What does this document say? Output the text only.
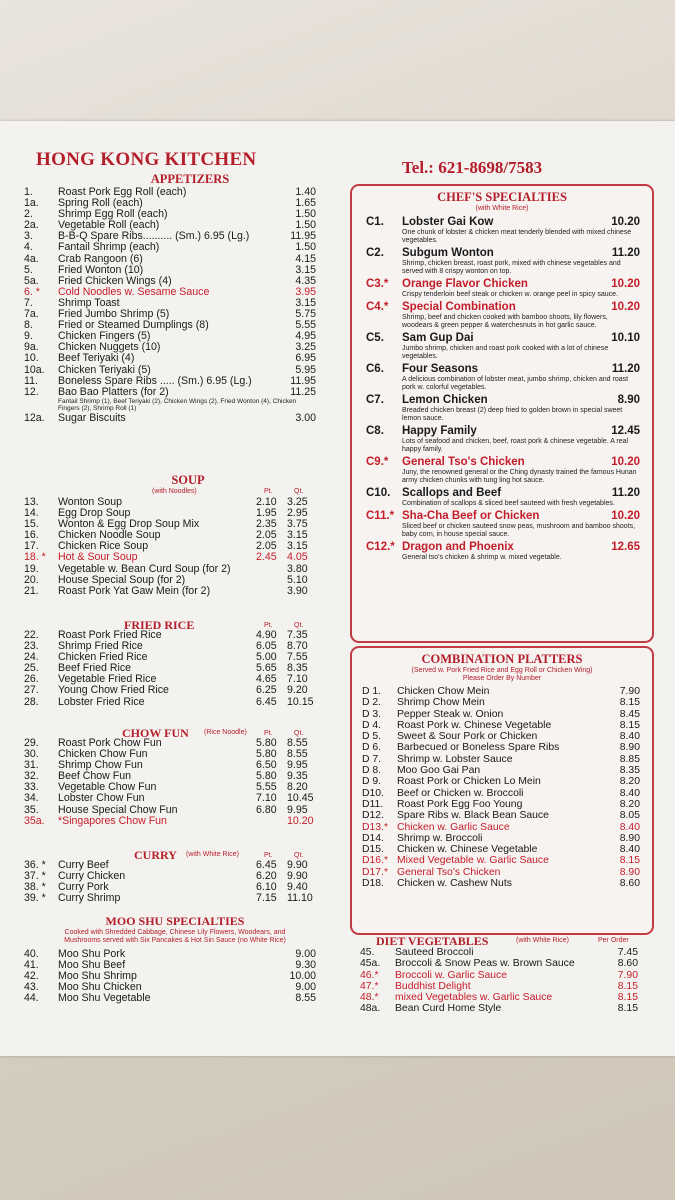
HONG KONG KITCHEN	Tel.: 621-8698/7583
APPETIZERS
1. Roast Pork Egg Roll (each)	1.40
1a. Spring Roll (each)	1.65
2. Shrimp Egg Roll (each)	1.50
2a. Vegetable Roll (each)	1.50
3. B-B-Q Spare Ribs.......... (Sm.) 6.95 (Lg.)	11.95
4. Fantail Shrimp (each)	1.50
4a. Crab Rangoon (6)	4.15
5. Fried Wonton (10)	3.15
5a. Fried Chicken Wings (4)	4.35
6. * Cold Noodles w. Sesame Sauce	3.95
7. Shrimp Toast	3.15
7a. Fried Jumbo Shrimp (5)	5.75
8. Fried or Steamed Dumplings (8)	5.55
9. Chicken Fingers (5)	4.95
9a. Chicken Nuggets (10)	3.25
10. Beef Teriyaki (4)	6.95
10a. Chicken Teriyaki (5)	5.95
11. Boneless Spare Ribs ..... (Sm.) 6.95 (Lg.)	11.95
12. Bao Bao Platters (for 2)	11.25
Fantail Shrimp (1), Beef Teriyaki (2), Chicken Wings (2), Fried Wonton (4), Chicken Fingers (2), Shrimp Roll (1)
12a. Sugar Biscuits	3.00
SOUP
(with Noodles)	Pt.	Qt.
13. Wonton Soup	2.10 3.25
14. Egg Drop Soup	1.95 2.95
15. Wonton & Egg Drop Soup Mix	2.35 3.75
16. Chicken Noodle Soup	2.05 3.15
17. Chicken Rice Soup	2.05 3.15
18. * Hot & Sour Soup	2.45 4.05
19. Vegetable w. Bean Curd Soup (for 2)	3.80
20. House Special Soup (for 2)	5.10
21. Roast Pork Yat Gaw Mein (for 2)	3.90
FRIED RICE	Pt.	Qt.
22. Roast Pork Fried Rice	4.90 7.35
23. Shrimp Fried Rice	6.05 8.70
24. Chicken Fried Rice	5.00 7.55
25. Beef Fried Rice	5.65 8.35
26. Vegetable Fried Rice	4.65 7.10
27. Young Chow Fried Rice	6.25 9.20
28. Lobster Fried Rice	6.45 10.15
CHOW FUN (Rice Noodle) Pt.	Qt.
29. Roast Pork Chow Fun	5.80 8.55
30. Chicken Chow Fun	5.80 8.55
31. Shrimp Chow Fun	6.50 9.95
32. Beef Chow Fun	5.80 9.35
33. Vegetable Chow Fun	5.55 8.20
34. Lobster Chow Fun	7.10 10.45
35. House Special Chow Fun	6.80 9.95
35a. *Singapores Chow Fun	10.20
CURRY (with White Rice)	Pt.	Qt.
36. * Curry Beef	6.45 9.90
37. * Curry Chicken	6.20 9.90
38. * Curry Pork	6.10 9.40
39. * Curry Shrimp	7.15 11.10
MOO SHU SPECIALTIES
Cooked with Shredded Cabbage, Chinese Lily Flowers, Woodears, and Mushrooms served with Six Pancakes & Hot Sin Sauce (no White Rice)
40. Moo Shu Pork	9.00
41. Moo Shu Beef	9.30
42. Moo Shu Shrimp	10.00
43. Moo Shu Chicken	9.00
44. Moo Shu Vegetable	8.55
CHEF'S SPECIALTIES
(with White Rice)
C1. Lobster Gai Kow	10.20
One chunk of lobster & chicken meat tenderly blended with mixed chinese vegetables.
C2. Subgum Wonton	11.20
Shrimp, chicken breast, roast pork, mixed with chinese vegetables and served with 8 crispy wonton on top.
C3.* Orange Flavor Chicken	10.20
Crispy tenderloin beef steak or chicken w. orange peel in spicy sauce.
C4.* Special Combination	10.20
Shrimp, beef and chicken cooked with bamboo shoots, lily flowers, woodears & green pepper & waterchesnuts in hot garlic sauce.
C5. Sam Gup Dai	10.10
Jumbo shrimp, chicken and roast pork cooked with a lot of chinese vegetables.
C6. Four Seasons	11.20
A delicious combination of lobster meat, jumbo shrimp, chicken and roast pork w. colorful vegetables.
C7. Lemon Chicken	8.90
Breaded chicken breast (2) deep fried to golden brown in special sweet lemon sauce.
C8. Happy Family	12.45
Lots of seafood and chicken, beef, roast pork & chinese vegetable. A real happy family.
C9.* General Tso's Chicken	10.20
Juny, the renowned general or the Ching dynasty trained the famous Hunan army chicken chunks with tung ling hot sauce.
C10. Scallops and Beef	11.20
Combination of scallops & sliced beef sauteed with fresh vegetables.
C11.* Sha-Cha Beef or Chicken	10.20
Sliced beef or chicken sauteed snow peas, mushroom and bamboo shoots, baby corn, in house special sauce.
C12.* Dragon and Phoenix	12.65
General tso's chicken & shrimp w. mixed vegetable.
COMBINATION PLATTERS
(Served w. Pork Fried Rice and Egg Roll or Chicken Wing)
Please Order By Number
D 1. Chicken Chow Mein	7.90
D 2. Shrimp Chow Mein	8.15
D 3. Pepper Steak w. Onion	8.45
D 4. Roast Pork w. Chinese Vegetable	8.15
D 5. Sweet & Sour Pork or Chicken	8.40
D 6. Barbecued or Boneless Spare Ribs	8.90
D 7. Shrimp w. Lobster Sauce	8.85
D 8. Moo Goo Gai Pan	8.35
D 9. Roast Pork or Chicken Lo Mein	8.20
D10. Beef or Chicken w. Broccoli	8.40
D11. Roast Pork Egg Foo Young	8.20
D12. Spare Ribs w. Black Bean Sauce	8.05
D13.* Chicken w. Garlic Sauce	8.40
D14. Shrimp w. Broccoli	8.90
D15. Chicken w. Chinese Vegetable	8.40
D16.* Mixed Vegetable w. Garlic Sauce	8.15
D17.* General Tso's Chicken	8.90
D18. Chicken w. Cashew Nuts	8.60
DIET VEGETABLES	(with White Rice)	Per Order
45. Sauteed Broccoli	7.45
45a. Broccoli & Snow Peas w. Brown Sauce	8.60
46.* Broccoli w. Garlic Sauce	7.90
47.* Buddhist Delight	8.15
48.* mixed Vegetables w. Garlic Sauce	8.15
48a. Bean Curd Home Style	8.15
